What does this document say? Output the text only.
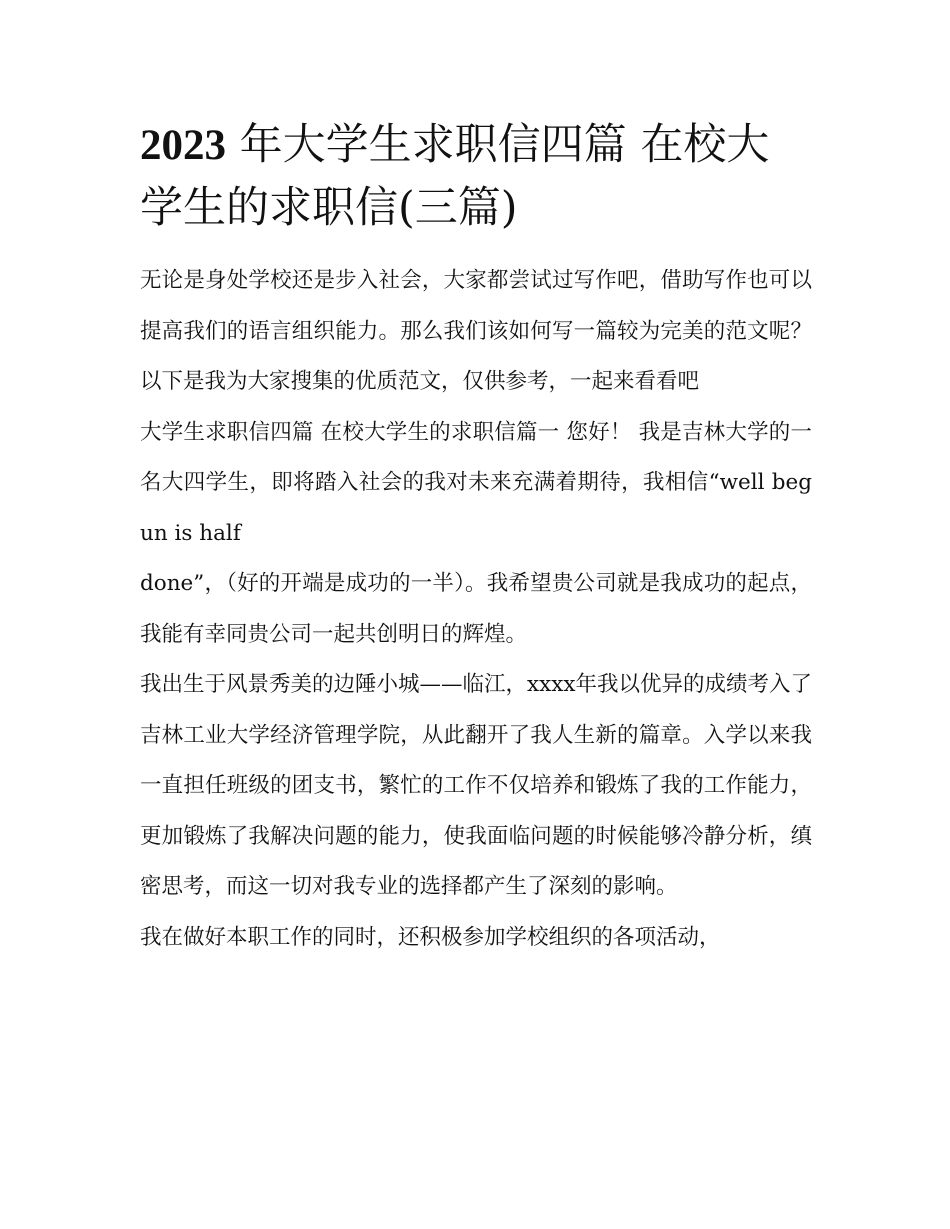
2023 年大学生求职信四篇 在校大学生的求职信(三篇)

无论是身处学校还是步入社会，大家都尝试过写作吧，借助写作也可以提高我们的语言组织能力。那么我们该如何写一篇较为完美的范文呢？以下是我为大家搜集的优质范文，仅供参考，一起来看看吧

大学生求职信四篇 在校大学生的求职信篇一 您好！ 我是吉林大学的一名大四学生，即将踏入社会的我对未来充满着期待，我相信“well begun is half

done”，（好的开端是成功的一半）。我希望贵公司就是我成功的起点，我能有幸同贵公司一起共创明日的辉煌。

我出生于风景秀美的边陲小城——临江，xxxx年我以优异的成绩考入了吉林工业大学经济管理学院，从此翻开了我人生新的篇章。入学以来我一直担任班级的团支书，繁忙的工作不仅培养和锻炼了我的工作能力，更加锻炼了我解决问题的能力，使我面临问题的时候能够冷静分析，缜密思考，而这一切对我专业的选择都产生了深刻的影响。

我在做好本职工作的同时，还积极参加学校组织的各项活动，
